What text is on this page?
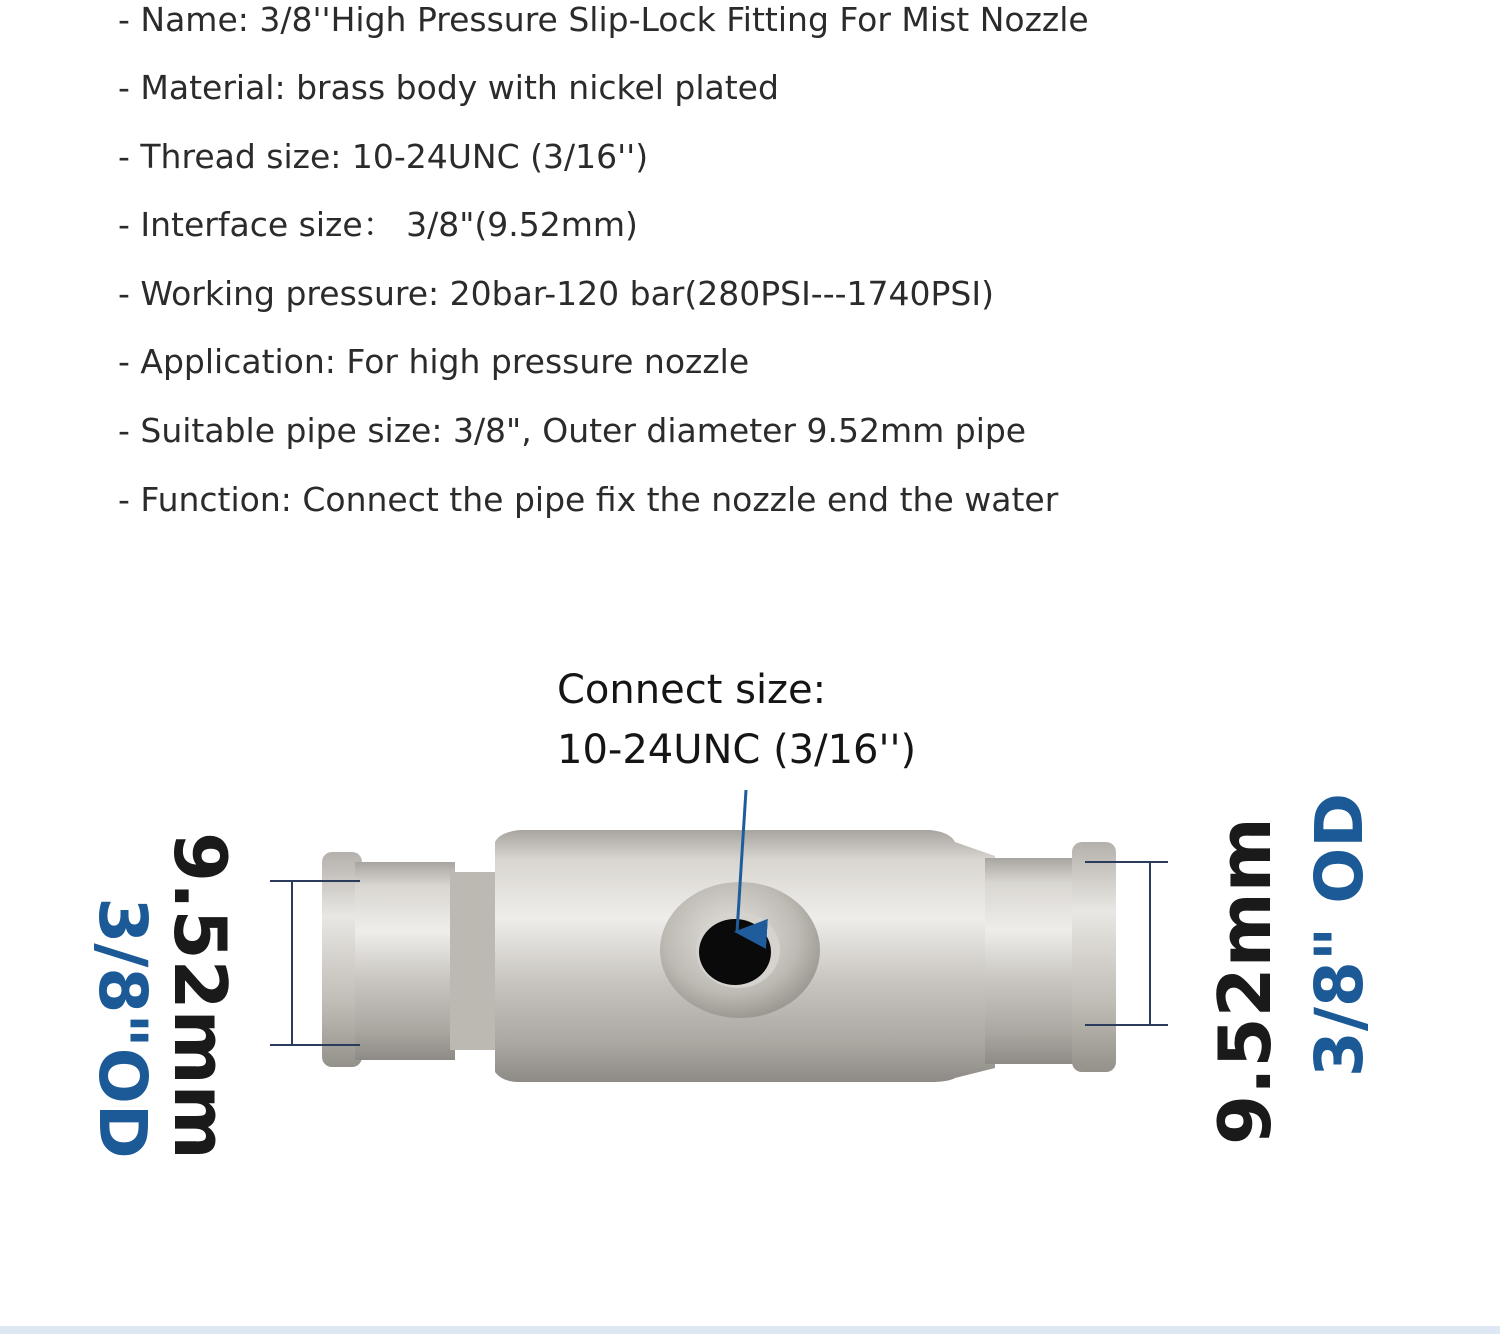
- Name: 3/8''High Pressure Slip-Lock Fitting For Mist Nozzle
- Material: brass body with nickel plated
- Thread size: 10-24UNC (3/16'')
- Interface size： 3/8"(9.52mm)
- Working pressure: 20bar-120 bar(280PSI---1740PSI)
- Application: For high pressure nozzle
- Suitable pipe size: 3/8", Outer diameter 9.52mm pipe
- Function: Connect the pipe fix the nozzle end the water
Connect size:
10-24UNC (3/16'')
9.52mm
3/8"OD	9.52mm 3/8" OD
